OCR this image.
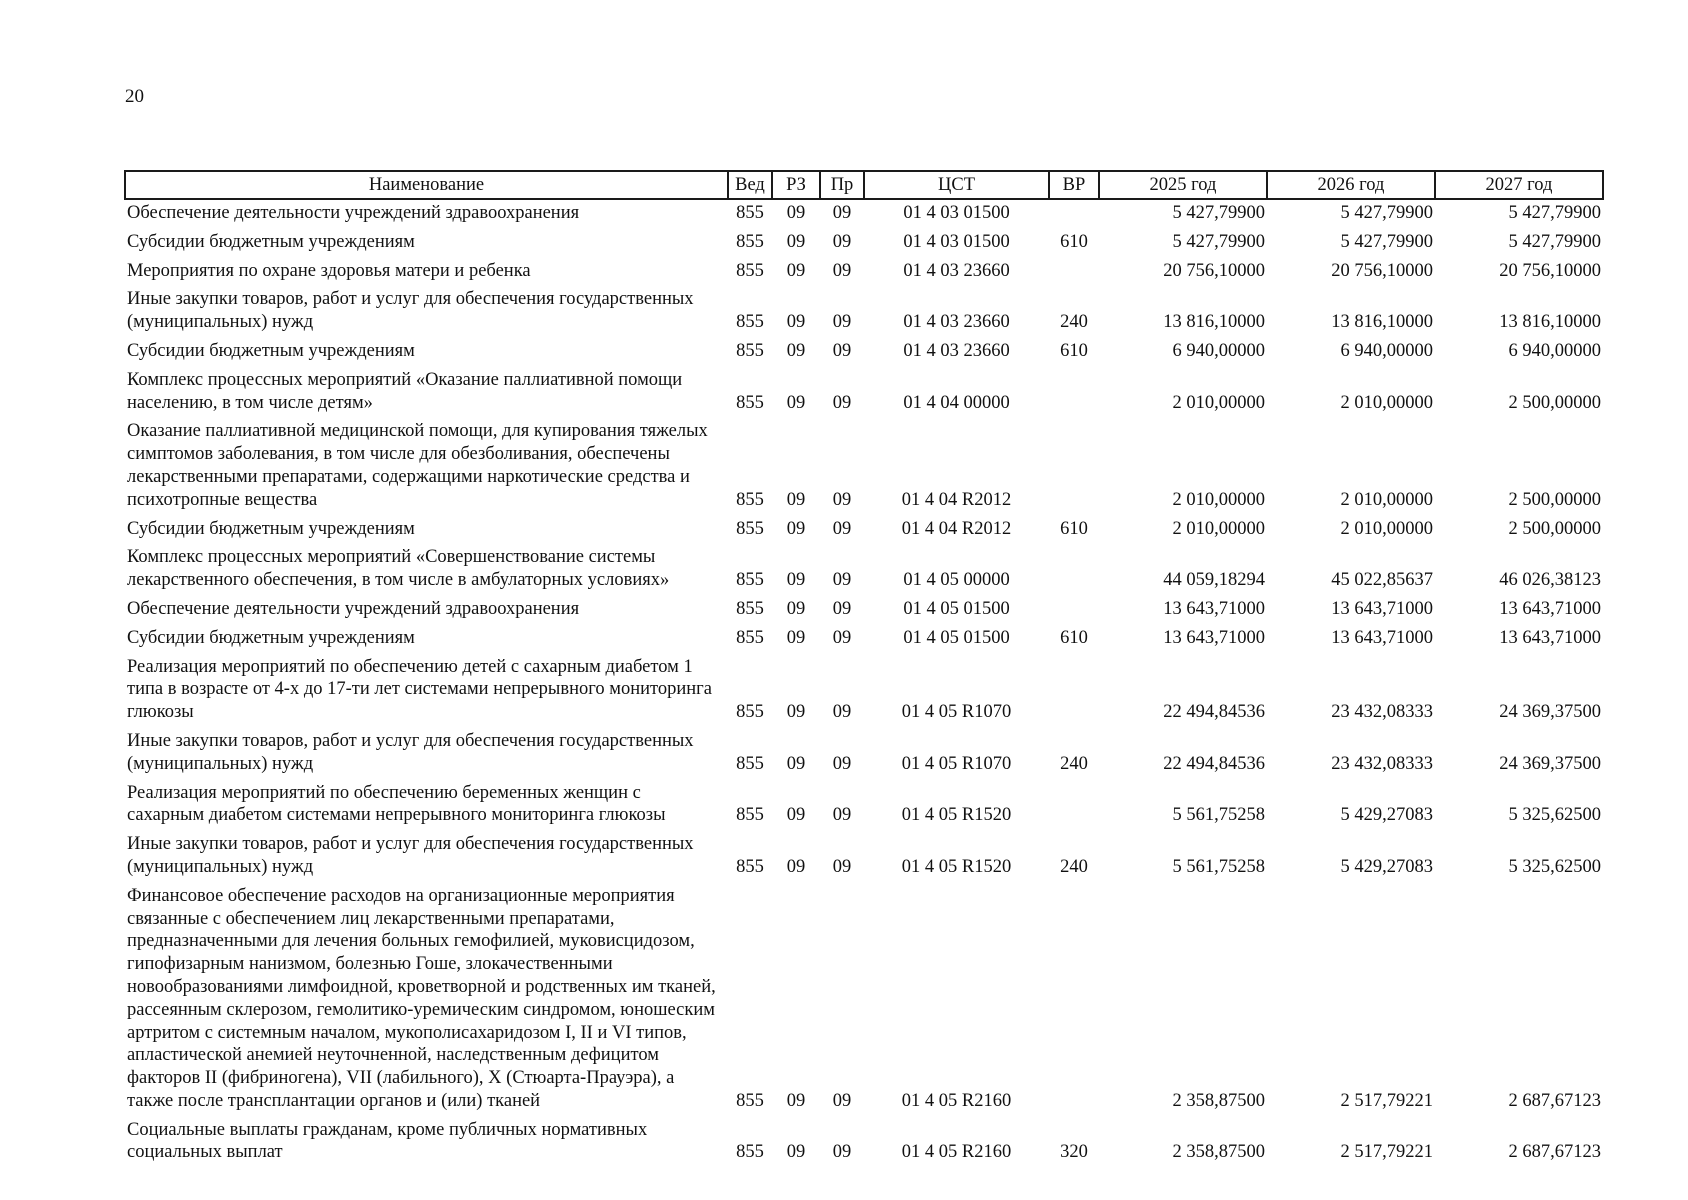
20
Наименование	Вед	РЗ	Пр	ЦСТ	ВР	2025 год	2026 год	2027 год
Обеспечение деятельности учреждений здравоохранения	855	09	09	01 4 03 01500		5 427,79900	5 427,79900	5 427,79900
Субсидии бюджетным учреждениям	855	09	09	01 4 03 01500	610	5 427,79900	5 427,79900	5 427,79900
Мероприятия по охране здоровья матери и ребенка	855	09	09	01 4 03 23660		20 756,10000	20 756,10000	20 756,10000
Иные закупки товаров, работ и услуг для обеспечения государственных (муниципальных) нужд	855	09	09	01 4 03 23660	240	13 816,10000	13 816,10000	13 816,10000
Субсидии бюджетным учреждениям	855	09	09	01 4 03 23660	610	6 940,00000	6 940,00000	6 940,00000
Комплекс процессных мероприятий «Оказание паллиативной помощи населению, в том числе детям»	855	09	09	01 4 04 00000		2 010,00000	2 010,00000	2 500,00000
Оказание паллиативной медицинской помощи, для купирования тяжелых симптомов заболевания, в том числе для обезболивания, обеспечены лекарственными препаратами, содержащими наркотические средства и психотропные вещества	855	09	09	01 4 04 R2012		2 010,00000	2 010,00000	2 500,00000
Субсидии бюджетным учреждениям	855	09	09	01 4 04 R2012	610	2 010,00000	2 010,00000	2 500,00000
Комплекс процессных мероприятий «Совершенствование системы лекарственного обеспечения, в том числе в амбулаторных условиях»	855	09	09	01 4 05 00000		44 059,18294	45 022,85637	46 026,38123
Обеспечение деятельности учреждений здравоохранения	855	09	09	01 4 05 01500		13 643,71000	13 643,71000	13 643,71000
Субсидии бюджетным учреждениям	855	09	09	01 4 05 01500	610	13 643,71000	13 643,71000	13 643,71000
Реализация мероприятий по обеспечению детей с сахарным диабетом 1 типа в возрасте от 4-х до 17-ти лет системами непрерывного мониторинга глюкозы	855	09	09	01 4 05 R1070		22 494,84536	23 432,08333	24 369,37500
Иные закупки товаров, работ и услуг для обеспечения государственных (муниципальных) нужд	855	09	09	01 4 05 R1070	240	22 494,84536	23 432,08333	24 369,37500
Реализация мероприятий по обеспечению беременных женщин с сахарным диабетом системами непрерывного мониторинга глюкозы	855	09	09	01 4 05 R1520		5 561,75258	5 429,27083	5 325,62500
Иные закупки товаров, работ и услуг для обеспечения государственных (муниципальных) нужд	855	09	09	01 4 05 R1520	240	5 561,75258	5 429,27083	5 325,62500
Финансовое обеспечение расходов на организационные мероприятия связанные с обеспечением лиц лекарственными препаратами, предназначенными для лечения больных гемофилией, муковисцидозом, гипофизарным нанизмом, болезнью Гоше, злокачественными новообразованиями лимфоидной, кроветворной и родственных им тканей, рассеянным склерозом, гемолитико-уремическим синдромом, юношеским артритом с системным началом, мукополисахаридозом I, II и VI типов, апластической анемией неуточненной, наследственным дефицитом факторов II (фибриногена), VII (лабильного), X (Стюарта-Прауэра), а также после трансплантации органов и (или) тканей	855	09	09	01 4 05 R2160		2 358,87500	2 517,79221	2 687,67123
Социальные выплаты гражданам, кроме публичных нормативных социальных выплат	855	09	09	01 4 05 R2160	320	2 358,87500	2 517,79221	2 687,67123
